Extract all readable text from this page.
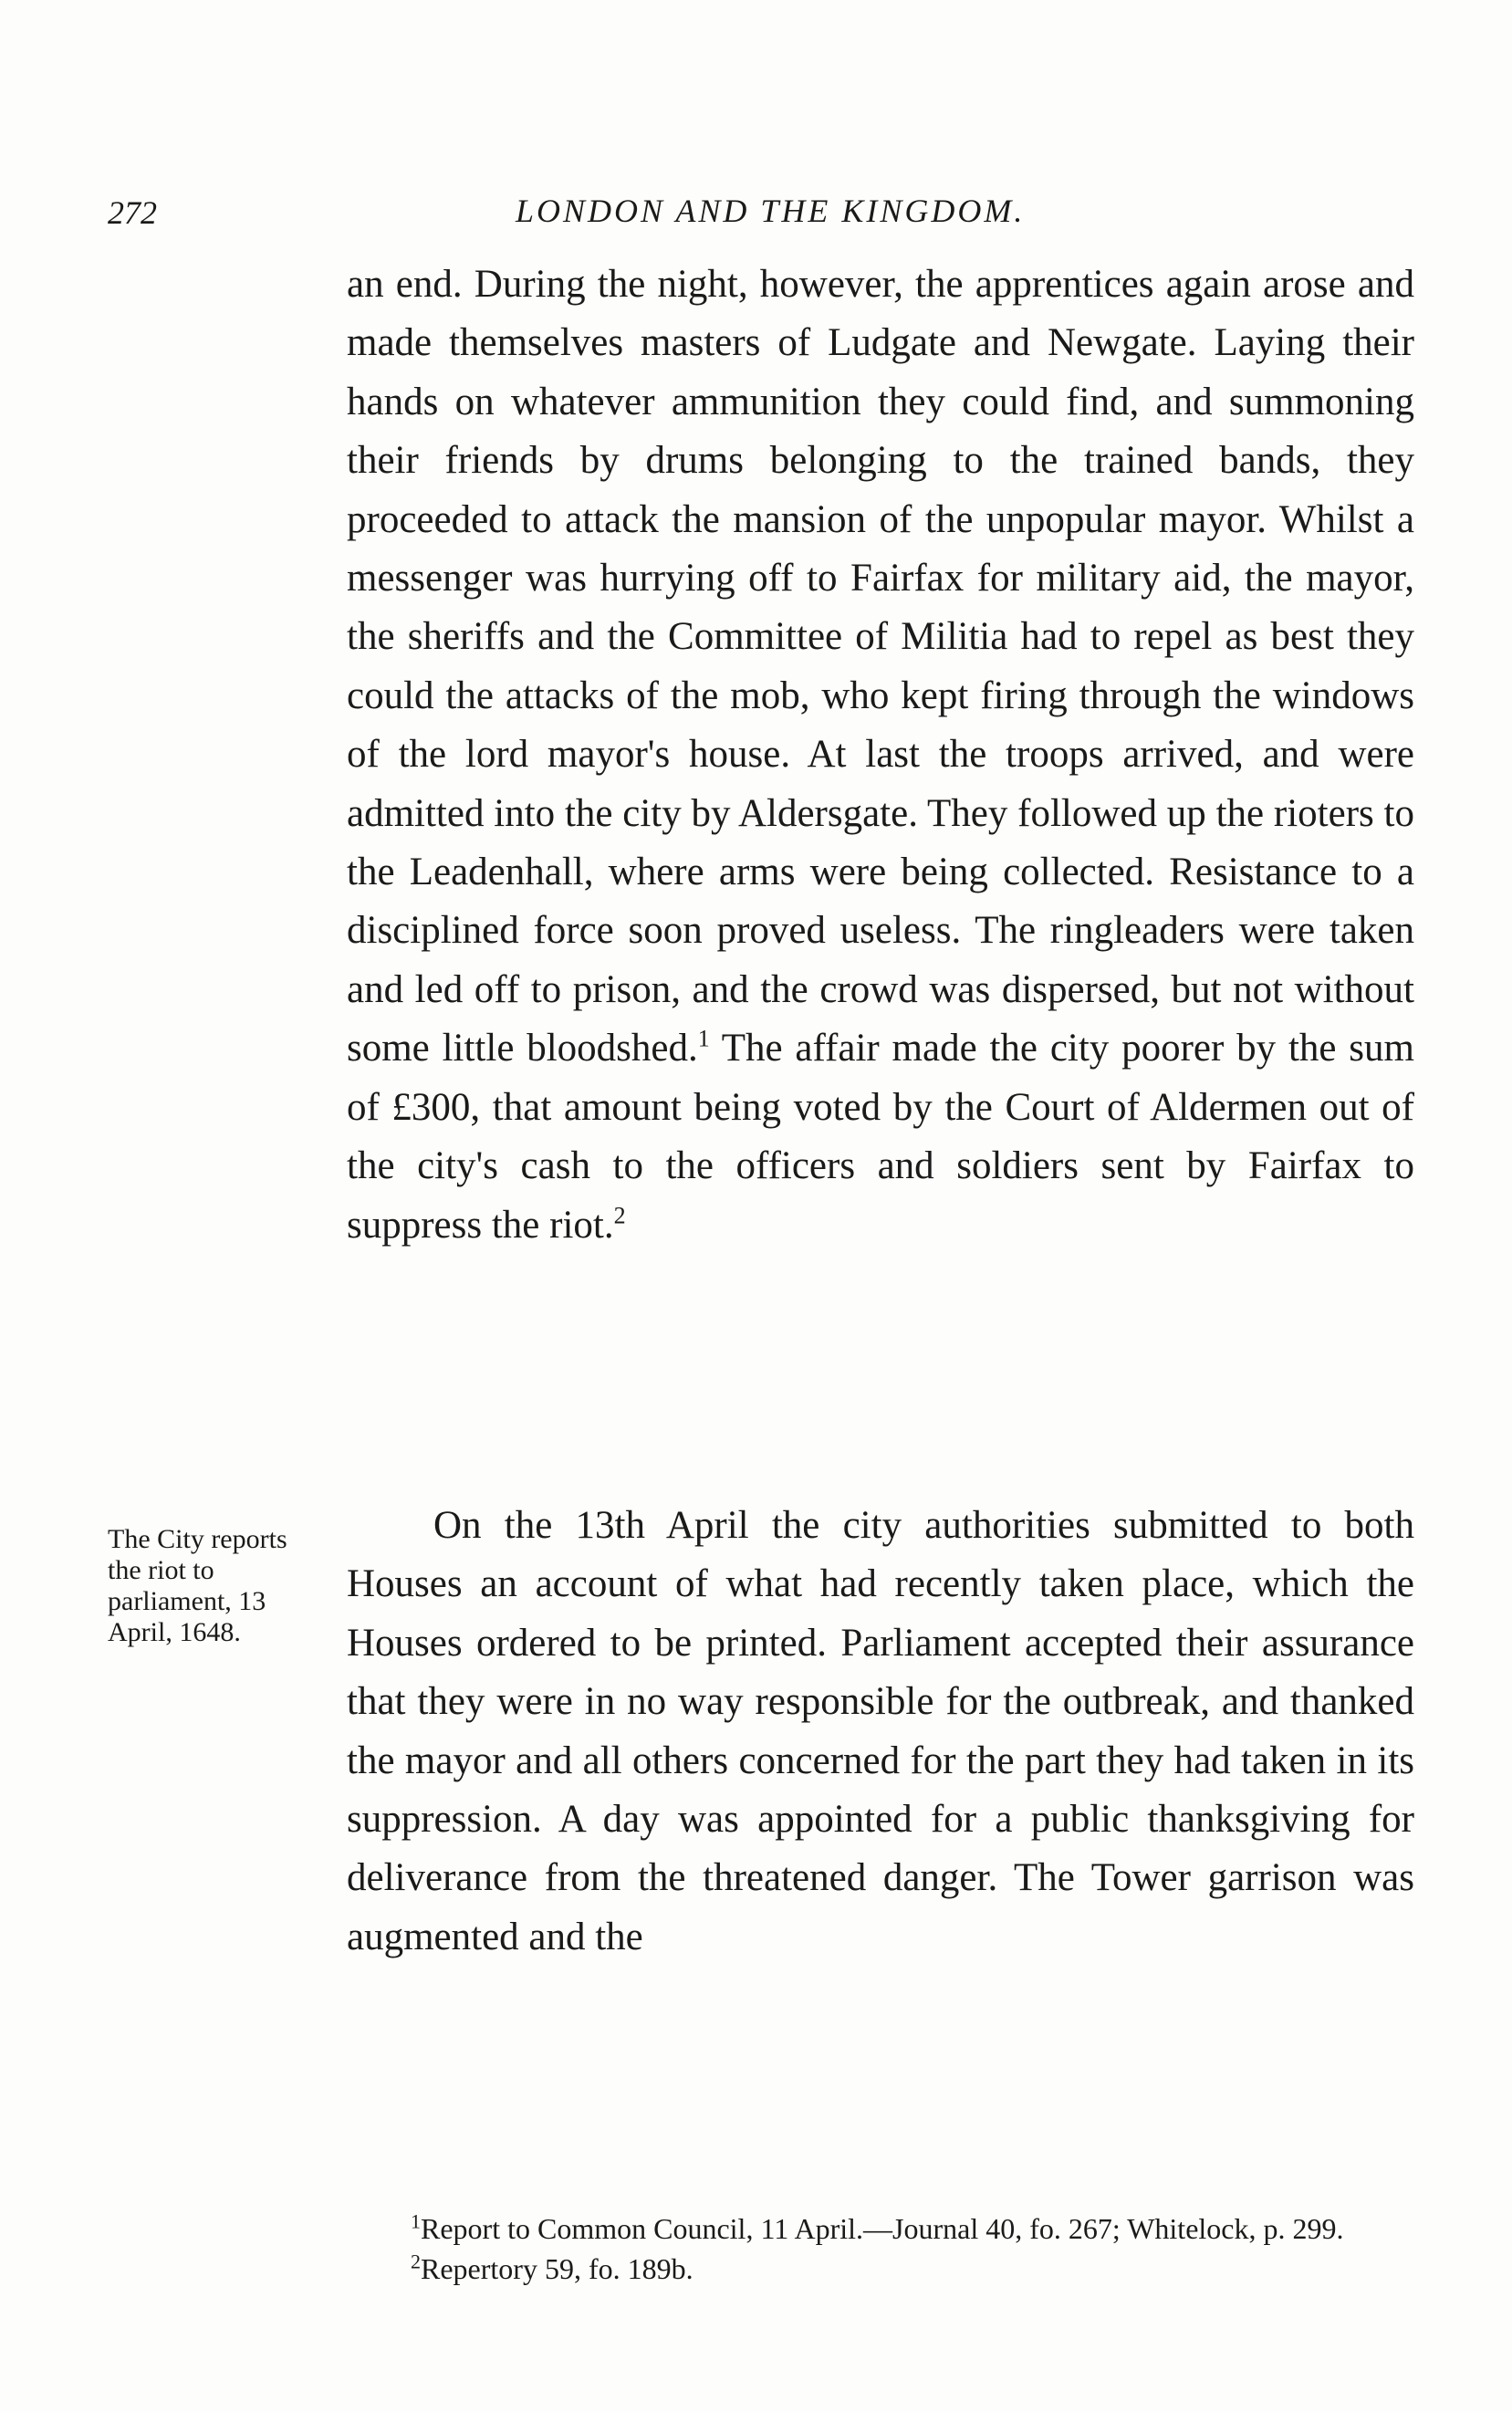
272	LONDON AND THE KINGDOM.

an end. During the night, however, the apprentices again arose and made themselves masters of Ludgate and Newgate. Laying their hands on whatever ammunition they could find, and summoning their friends by drums belonging to the trained bands, they proceeded to attack the mansion of the unpopular mayor. Whilst a messenger was hurrying off to Fairfax for military aid, the mayor, the sheriffs and the Committee of Militia had to repel as best they could the attacks of the mob, who kept firing through the windows of the lord mayor's house. At last the troops arrived, and were admitted into the city by Aldersgate. They followed up the rioters to the Leadenhall, where arms were being collected. Resistance to a disciplined force soon proved useless. The ringleaders were taken and led off to prison, and the crowd was dispersed, but not without some little bloodshed.$^1$ The affair made the city poorer by the sum of £300, that amount being voted by the Court of Aldermen out of the city's cash to the officers and soldiers sent by Fairfax to suppress the riot.$^2$

The City reports the riot to parliament, 13 April, 1648.

On the 13th April the city authorities submitted to both Houses an account of what had recently taken place, which the Houses ordered to be printed. Parliament accepted their assurance that they were in no way responsible for the outbreak, and thanked the mayor and all others concerned for the part they had taken in its suppression. A day was appointed for a public thanksgiving for deliverance from the threatened danger. The Tower garrison was augmented and the

$^1$Report to Common Council, 11 April.—Journal 40, fo. 267; Whitelock, p. 299.

$^2$Repertory 59, fo. 189b.
